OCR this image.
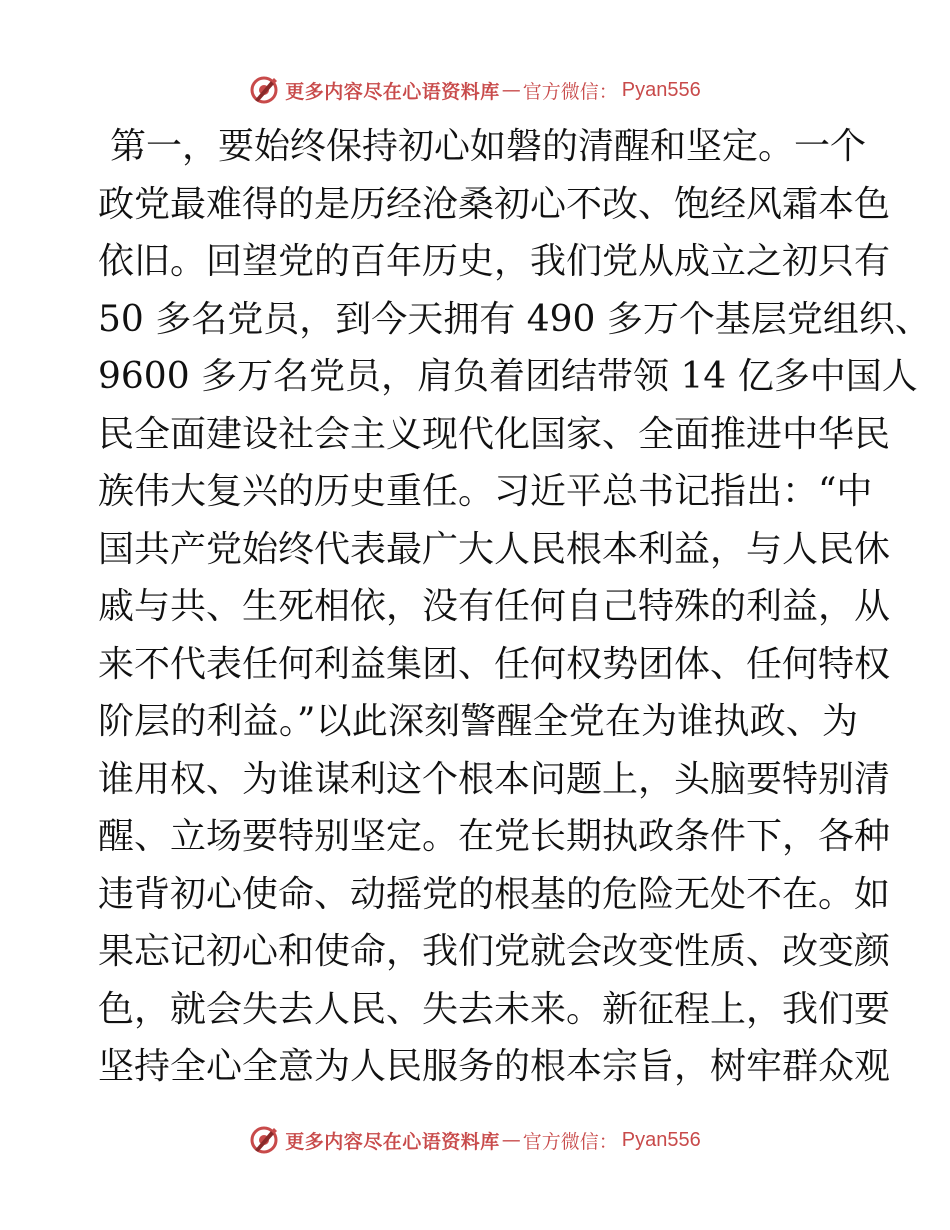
更多内容尽在心语资料库 — 官方微信： Pyan556
第一，要始终保持初心如磐的清醒和坚定。一个
政党最难得的是历经沧桑初心不改、饱经风霜本色
依旧。回望党的百年历史，我们党从成立之初只有
50 多名党员，到今天拥有 490 多万个基层党组织、
9600 多万名党员，肩负着团结带领 14 亿多中国人
民全面建设社会主义现代化国家、全面推进中华民
族伟大复兴的历史重任。习近平总书记指出：“中
国共产党始终代表最广大人民根本利益，与人民休
戚与共、生死相依，没有任何自己特殊的利益，从
来不代表任何利益集团、任何权势团体、任何特权
阶层的利益。”以此深刻警醒全党在为谁执政、为
谁用权、为谁谋利这个根本问题上，头脑要特别清
醒、立场要特别坚定。在党长期执政条件下，各种
违背初心使命、动摇党的根基的危险无处不在。如
果忘记初心和使命，我们党就会改变性质、改变颜
色，就会失去人民、失去未来。新征程上，我们要
坚持全心全意为人民服务的根本宗旨，树牢群众观
更多内容尽在心语资料库 — 官方微信： Pyan556
